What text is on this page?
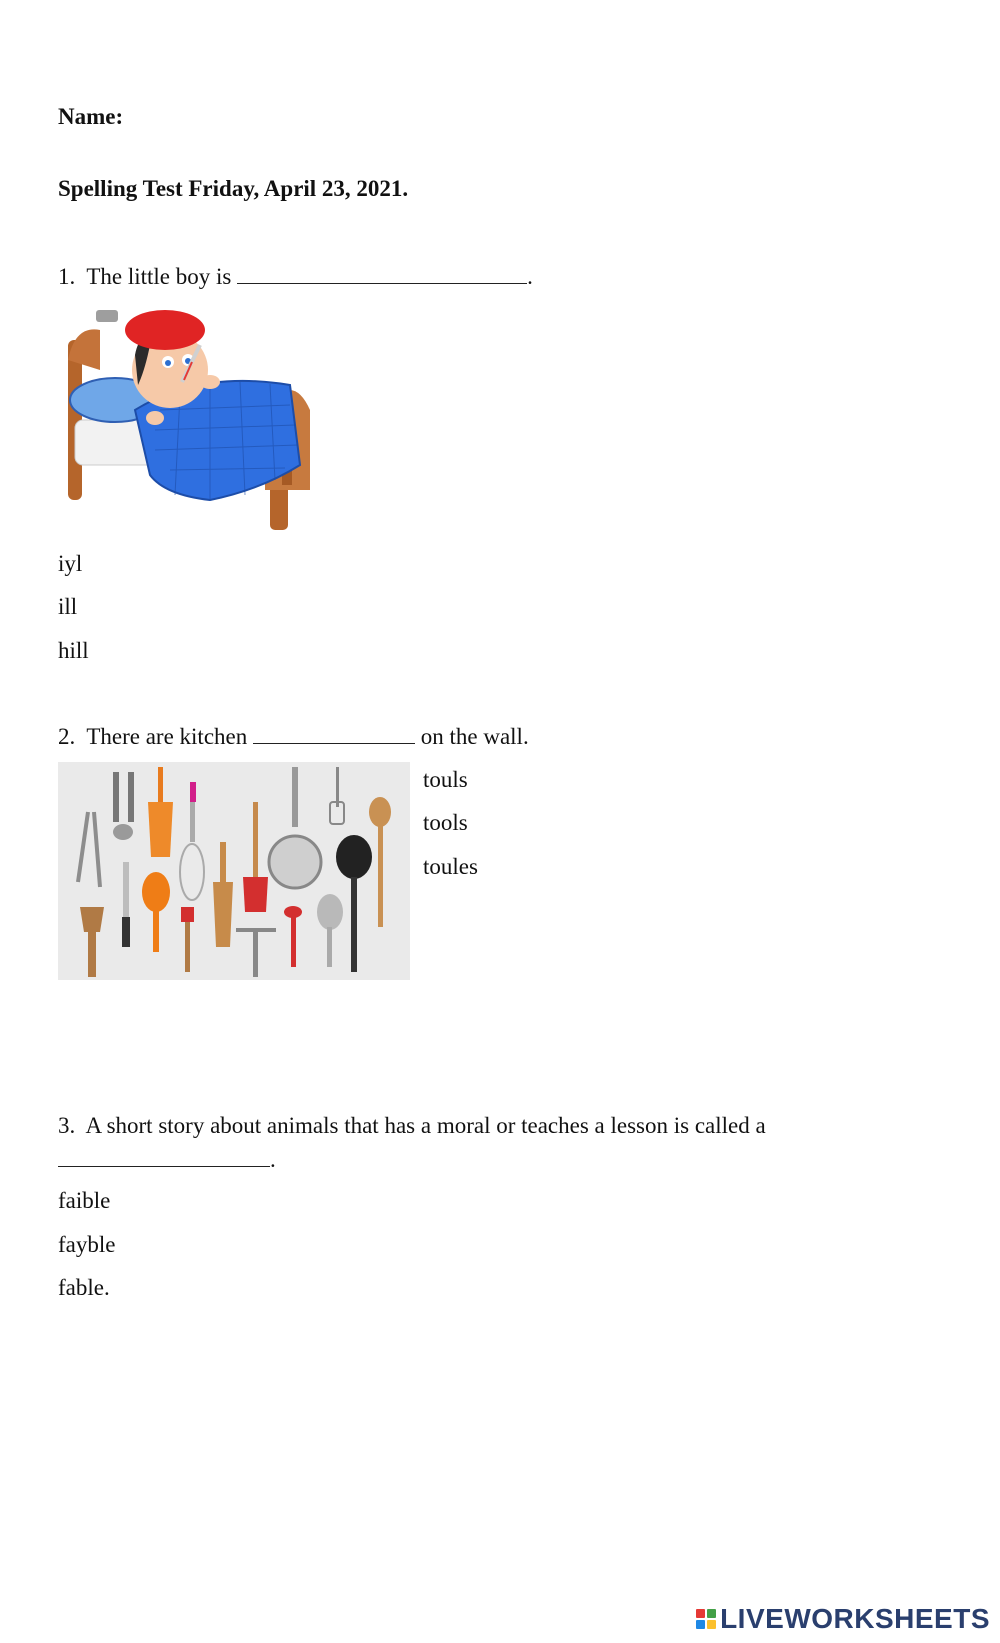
Name:
Spelling Test Friday, April 23, 2021.
1. The little boy is	.
iyl
ill
hill
2. There are kitchen	on the wall.
touls
tools
toules
3. A short story about animals that has a moral or teaches a lesson is called a
.
faible
fayble
fable.
LIVEWORKSHEETS
